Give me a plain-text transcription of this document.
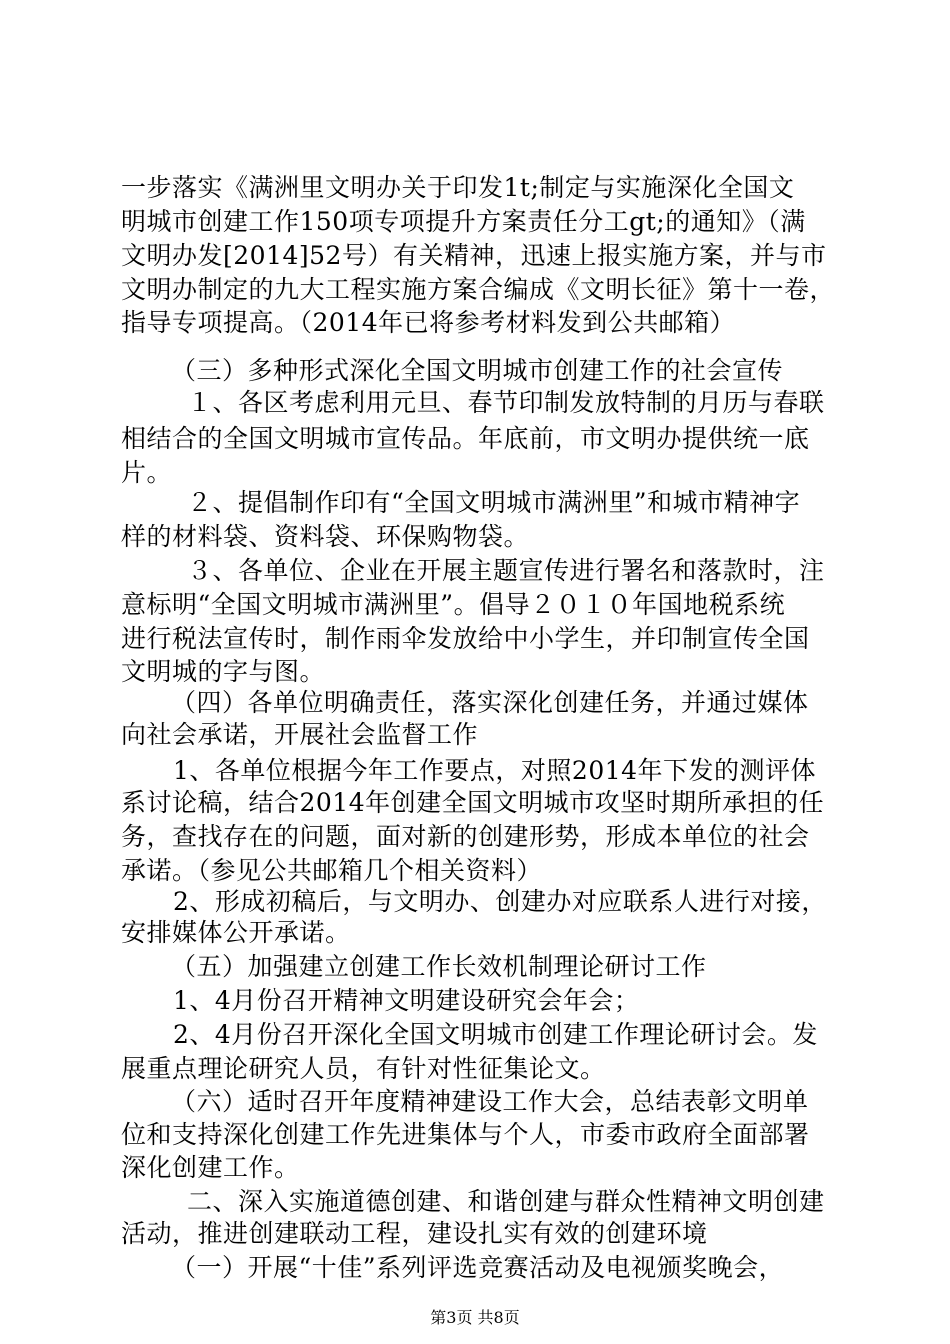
一步落实《满洲里文明办关于印发1t;制定与实施深化全国文
明城市创建工作150项专项提升方案责任分工gt;的通知》（满
文明办发[2014]52号）有关精神，迅速上报实施方案，并与市
文明办制定的九大工程实施方案合编成《文明长征》第十一卷，
指导专项提高。（2014年已将参考材料发到公共邮箱）
（三）多种形式深化全国文明城市创建工作的社会宣传
１、各区考虑利用元旦、春节印制发放特制的月历与春联
相结合的全国文明城市宣传品。年底前，市文明办提供统一底
片。
２、提倡制作印有“全国文明城市满洲里”和城市精神字
样的材料袋、资料袋、环保购物袋。
３、各单位、企业在开展主题宣传进行署名和落款时，注
意标明“全国文明城市满洲里”。倡导２０１０年国地税系统
进行税法宣传时，制作雨伞发放给中小学生，并印制宣传全国
文明城的字与图。
（四）各单位明确责任，落实深化创建任务，并通过媒体
向社会承诺，开展社会监督工作
1、各单位根据今年工作要点，对照2014年下发的测评体
系讨论稿，结合2014年创建全国文明城市攻坚时期所承担的任
务，查找存在的问题，面对新的创建形势，形成本单位的社会
承诺。（参见公共邮箱几个相关资料）
2、形成初稿后，与文明办、创建办对应联系人进行对接，
安排媒体公开承诺。
（五）加强建立创建工作长效机制理论研讨工作
1、4月份召开精神文明建设研究会年会；
2、4月份召开深化全国文明城市创建工作理论研讨会。发
展重点理论研究人员，有针对性征集论文。
（六）适时召开年度精神建设工作大会，总结表彰文明单
位和支持深化创建工作先进集体与个人，市委市政府全面部署
深化创建工作。
二、深入实施道德创建、和谐创建与群众性精神文明创建
活动，推进创建联动工程，建设扎实有效的创建环境
（一）开展“十佳”系列评选竞赛活动及电视颁奖晚会，
第3页 共8页
